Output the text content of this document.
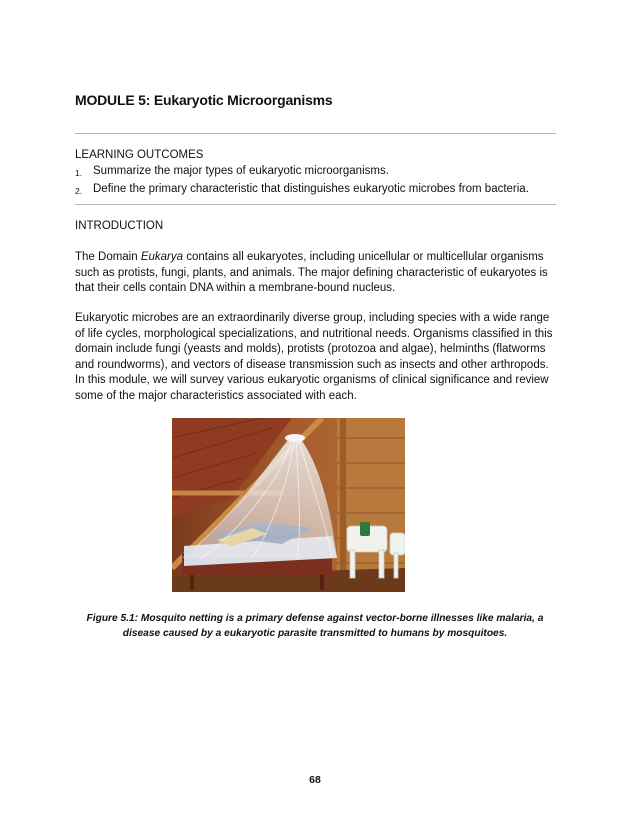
MODULE 5: Eukaryotic Microorganisms
LEARNING OUTCOMES
1. Summarize the major types of eukaryotic microorganisms.
2. Define the primary characteristic that distinguishes eukaryotic microbes from bacteria.
INTRODUCTION

The Domain Eukarya contains all eukaryotes, including unicellular or multicellular organisms such as protists, fungi, plants, and animals. The major defining characteristic of eukaryotes is that their cells contain DNA within a membrane-bound nucleus.

Eukaryotic microbes are an extraordinarily diverse group, including species with a wide range of life cycles, morphological specializations, and nutritional needs. Organisms classified in this domain include fungi (yeasts and molds), protists (protozoa and algae), helminths (flatworms and roundworms), and vectors of disease transmission such as insects and other arthropods. In this module, we will survey various eukaryotic organisms of clinical significance and review some of the major characteristics associated with each.

Figure 5.1: Mosquito netting is a primary defense against vector-borne illnesses like malaria, a
disease caused by a eukaryotic parasite transmitted to humans by mosquitoes.
68
